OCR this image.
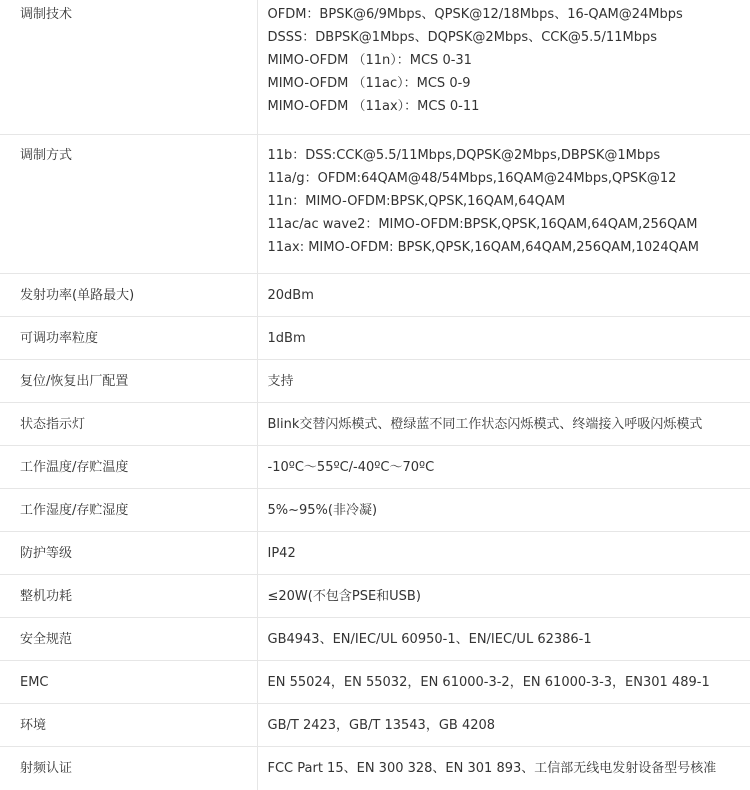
调制技术	OFDM：BPSK@6/9Mbps、QPSK@12/18Mbps、16-QAM@24Mbps
DSSS：DBPSK@1Mbps、DQPSK@2Mbps、CCK@5.5/11Mbps
MIMO-OFDM （11n）：MCS 0-31
MIMO-OFDM （11ac）：MCS 0-9
MIMO-OFDM （11ax）：MCS 0-11

调制方式	11b：DSS:CCK@5.5/11Mbps,DQPSK@2Mbps,DBPSK@1Mbps
11a/g：OFDM:64QAM@48/54Mbps,16QAM@24Mbps,QPSK@12
11n：MIMO-OFDM:BPSK,QPSK,16QAM,64QAM
11ac/ac wave2：MIMO-OFDM:BPSK,QPSK,16QAM,64QAM,256QAM
11ax: MIMO-OFDM: BPSK,QPSK,16QAM,64QAM,256QAM,1024QAM

发射功率(单路最大)	20dBm
可调功率粒度	1dBm
复位/恢复出厂配置	支持
状态指示灯	Blink交替闪烁模式、橙绿蓝不同工作状态闪烁模式、终端接入呼吸闪烁模式
工作温度/存贮温度	-10ºC～55ºC/-40ºC～70ºC
工作湿度/存贮湿度	5%~95%(非冷凝)
防护等级	IP42
整机功耗	≤20W(不包含PSE和USB)
安全规范	GB4943、EN/IEC/UL 60950-1、EN/IEC/UL 62386-1
EMC	EN 55024，EN 55032，EN 61000-3-2，EN 61000-3-3，EN301 489-1
环境	GB/T 2423，GB/T 13543，GB 4208
射频认证	FCC Part 15、EN 300 328、EN 301 893、工信部无线电发射设备型号核准
